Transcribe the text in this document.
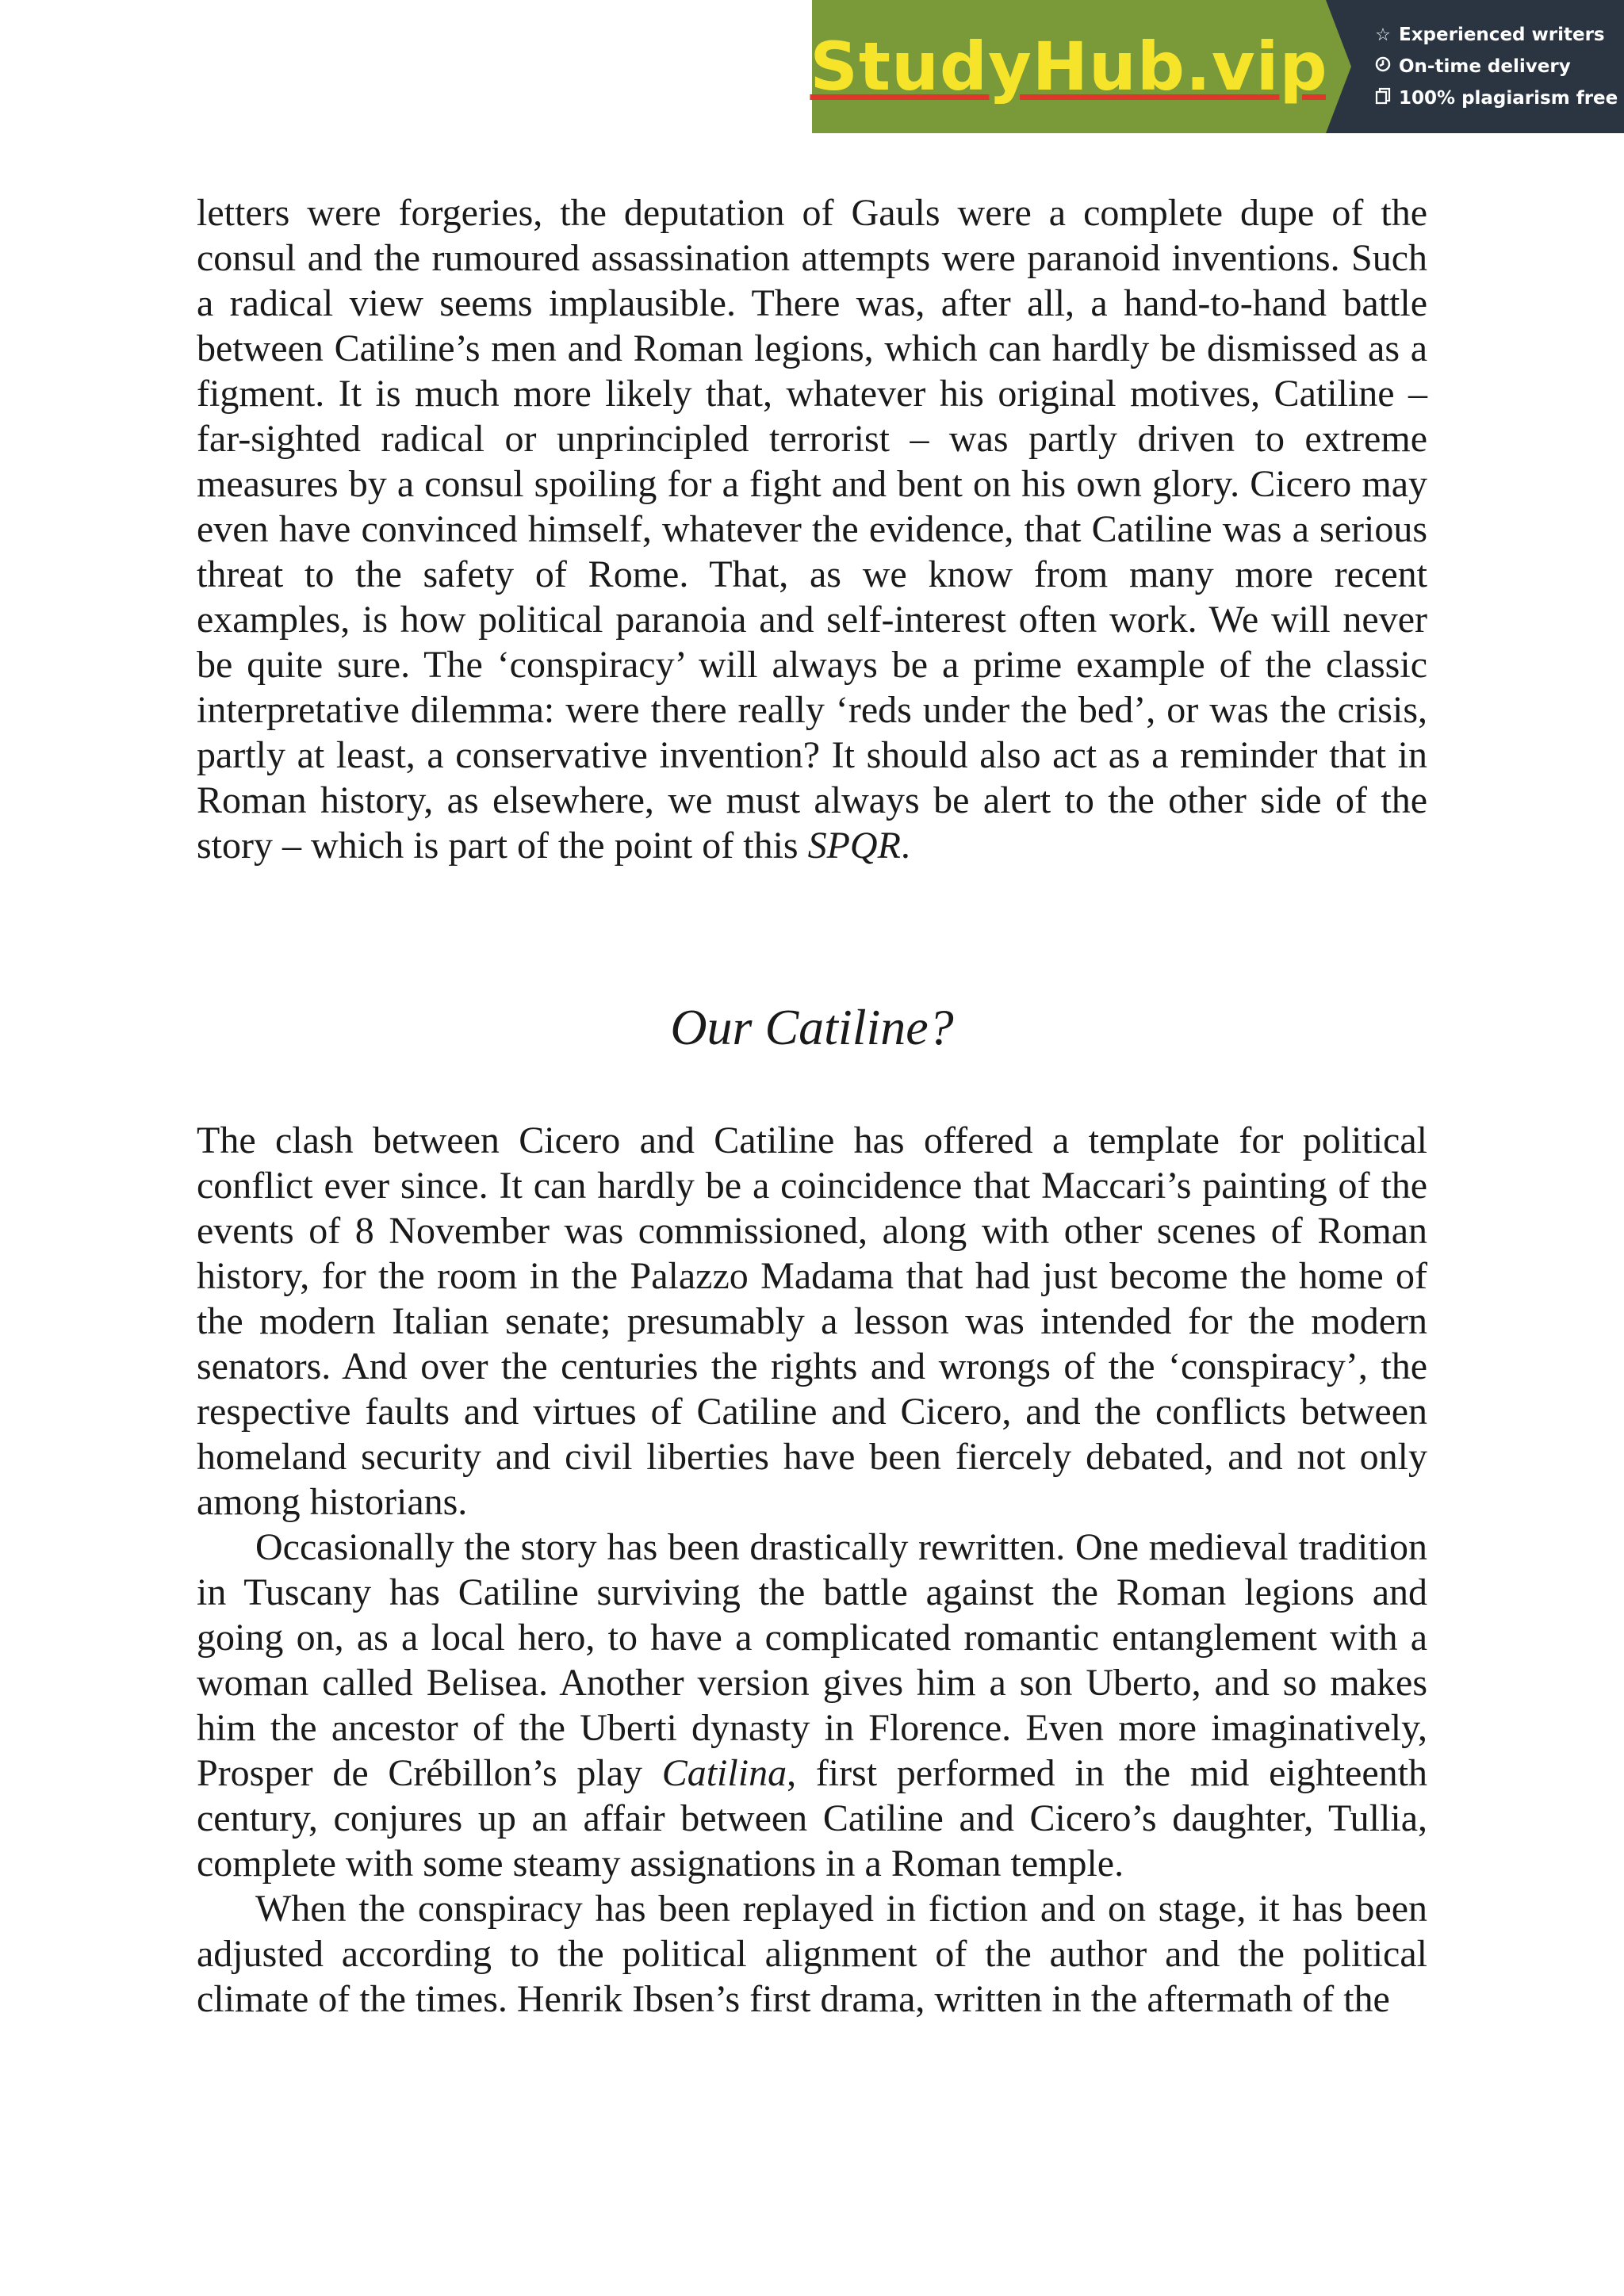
StudyHub.vip	☆ Experienced writers
On-time delivery
100% plagiarism free

letters were forgeries, the deputation of Gauls were a complete dupe of the consul and the rumoured assassination attempts were paranoid inventions. Such a radical view seems implausible. There was, after all, a hand-to-hand battle between Catiline’s men and Roman legions, which can hardly be dismissed as a figment. It is much more likely that, whatever his original motives, Catiline – far-sighted radical or unprincipled terrorist – was partly driven to extreme measures by a consul spoiling for a fight and bent on his own glory. Cicero may even have convinced himself, whatever the evidence, that Catiline was a serious threat to the safety of Rome. That, as we know from many more recent examples, is how political paranoia and self-interest often work. We will never be quite sure. The ‘conspiracy’ will always be a prime example of the classic interpretative dilemma: were there really ‘reds under the bed’, or was the crisis, partly at least, a conservative invention? It should also act as a reminder that in Roman history, as elsewhere, we must always be alert to the other side of the story – which is part of the point of this SPQR.

Our Catiline?

The clash between Cicero and Catiline has offered a template for political conflict ever since. It can hardly be a coincidence that Maccari’s painting of the events of 8 November was commissioned, along with other scenes of Roman history, for the room in the Palazzo Madama that had just become the home of the modern Italian senate; presumably a lesson was intended for the modern senators. And over the centuries the rights and wrongs of the ‘conspiracy’, the respective faults and virtues of Catiline and Cicero, and the conflicts between homeland security and civil liberties have been fiercely debated, and not only among historians.

Occasionally the story has been drastically rewritten. One medieval tradition in Tuscany has Catiline surviving the battle against the Roman legions and going on, as a local hero, to have a complicated romantic entanglement with a woman called Belisea. Another version gives him a son Uberto, and so makes him the ancestor of the Uberti dynasty in Florence. Even more imaginatively, Prosper de Crébillon’s play Catilina, first performed in the mid eighteenth century, conjures up an affair between Catiline and Cicero’s daughter, Tullia, complete with some steamy assignations in a Roman temple.

When the conspiracy has been replayed in fiction and on stage, it has been adjusted according to the political alignment of the author and the political climate of the times. Henrik Ibsen’s first drama, written in the aftermath of the
